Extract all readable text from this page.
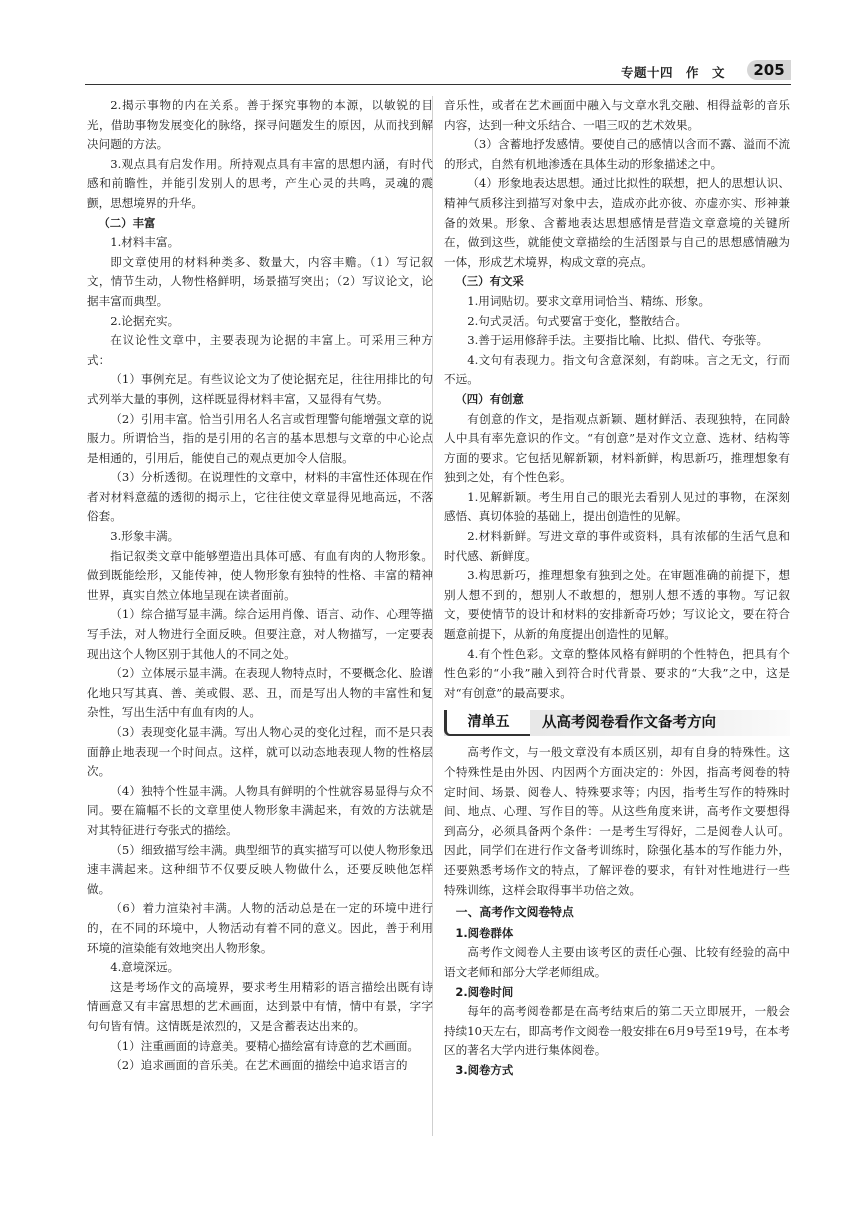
专题十四　作　文	205

2.揭示事物的内在关系。善于探究事物的本源，以敏锐的目光，借助事物发展变化的脉络，探寻问题发生的原因，从而找到解决问题的方法。

3.观点具有启发作用。所持观点具有丰富的思想内涵，有时代感和前瞻性，并能引发别人的思考，产生心灵的共鸣，灵魂的震颤，思想境界的升华。

（二）丰富

1.材料丰富。

即文章使用的材料种类多、数量大，内容丰赡。（1）写记叙文，情节生动，人物性格鲜明，场景描写突出；（2）写议论文，论据丰富而典型。

2.论据充实。

在议论性文章中，主要表现为论据的丰富上。可采用三种方式：

（1）事例充足。有些议论文为了使论据充足，往往用排比的句式列举大量的事例，这样既显得材料丰富，又显得有气势。

（2）引用丰富。恰当引用名人名言或哲理警句能增强文章的说服力。所谓恰当，指的是引用的名言的基本思想与文章的中心论点是相通的，引用后，能使自己的观点更加令人信服。

（3）分析透彻。在说理性的文章中，材料的丰富性还体现在作者对材料意蕴的透彻的揭示上，它往往使文章显得见地高远，不落俗套。

3.形象丰满。

指记叙类文章中能够塑造出具体可感、有血有肉的人物形象。做到既能绘形，又能传神，使人物形象有独特的性格、丰富的精神世界，真实自然立体地呈现在读者面前。

（1）综合描写显丰满。综合运用肖像、语言、动作、心理等描写手法，对人物进行全面反映。但要注意，对人物描写，一定要表现出这个人物区别于其他人的不同之处。

（2）立体展示显丰满。在表现人物特点时，不要概念化、脸谱化地只写其真、善、美或假、恶、丑，而是写出人物的丰富性和复杂性，写出生活中有血有肉的人。

（3）表现变化显丰满。写出人物心灵的变化过程，而不是只表面静止地表现一个时间点。这样，就可以动态地表现人物的性格层次。

（4）独特个性显丰满。人物具有鲜明的个性就容易显得与众不同。要在篇幅不长的文章里使人物形象丰满起来，有效的方法就是对其特征进行夸张式的描绘。

（5）细致描写绘丰满。典型细节的真实描写可以使人物形象迅速丰满起来。这种细节不仅要反映人物做什么，还要反映他怎样做。

（6）着力渲染衬丰满。人物的活动总是在一定的环境中进行的，在不同的环境中，人物活动有着不同的意义。因此，善于利用环境的渲染能有效地突出人物形象。

4.意境深远。

这是考场作文的高境界，要求考生用精彩的语言描绘出既有诗情画意又有丰富思想的艺术画面，达到景中有情，情中有景，字字句句皆有情。这情既是浓烈的，又是含蓄表达出来的。

（1）注重画面的诗意美。要精心描绘富有诗意的艺术画面。

（2）追求画面的音乐美。在艺术画面的描绘中追求语言的

音乐性，或者在艺术画面中融入与文章水乳交融、相得益彰的音乐内容，达到一种文乐结合、一唱三叹的艺术效果。

（3）含蓄地抒发感情。要使自己的感情以含而不露、溢而不流的形式，自然有机地渗透在具体生动的形象描述之中。

（4）形象地表达思想。通过比拟性的联想，把人的思想认识、精神气质移注到描写对象中去，造成亦此亦彼、亦虚亦实、形神兼备的效果。形象、含蓄地表达思想感情是营造文章意境的关键所在，做到这些，就能使文章描绘的生活图景与自己的思想感情融为一体，形成艺术境界，构成文章的亮点。

（三）有文采

1.用词贴切。要求文章用词恰当、精练、形象。

2.句式灵活。句式要富于变化，整散结合。

3.善于运用修辞手法。主要指比喻、比拟、借代、夸张等。

4.文句有表现力。指文句含意深刻，有韵味。言之无文，行而不远。

（四）有创意

有创意的作文，是指观点新颖、题材鲜活、表现独特，在同龄人中具有率先意识的作文。“有创意”是对作文立意、选材、结构等方面的要求。它包括见解新颖，材料新鲜，构思新巧，推理想象有独到之处，有个性色彩。

1.见解新颖。考生用自己的眼光去看别人见过的事物，在深刻感悟、真切体验的基础上，提出创造性的见解。

2.材料新鲜。写进文章的事件或资料，具有浓郁的生活气息和时代感、新鲜度。

3.构思新巧，推理想象有独到之处。在审题准确的前提下，想别人想不到的，想别人不敢想的，想别人想不透的事物。写记叙文，要使情节的设计和材料的安排新奇巧妙；写议论文，要在符合题意前提下，从新的角度提出创造性的见解。

4.有个性色彩。文章的整体风格有鲜明的个性特色，把具有个性色彩的“小我”融入到符合时代背景、要求的“大我”之中，这是对“有创意”的最高要求。

清单五	从高考阅卷看作文备考方向

高考作文，与一般文章没有本质区别，却有自身的特殊性。这个特殊性是由外因、内因两个方面决定的：外因，指高考阅卷的特定时间、场景、阅卷人、特殊要求等；内因，指考生写作的特殊时间、地点、心理、写作目的等。从这些角度来讲，高考作文要想得到高分，必须具备两个条件：一是考生写得好，二是阅卷人认可。因此，同学们在进行作文备考训练时，除强化基本的写作能力外，还要熟悉考场作文的特点，了解评卷的要求，有针对性地进行一些特殊训练，这样会取得事半功倍之效。

一、高考作文阅卷特点

1.阅卷群体

高考作文阅卷人主要由该考区的责任心强、比较有经验的高中语文老师和部分大学老师组成。

2.阅卷时间

每年的高考阅卷都是在高考结束后的第二天立即展开，一般会持续10天左右，即高考作文阅卷一般安排在6月9号至19号，在本考区的著名大学内进行集体阅卷。

3.阅卷方式
